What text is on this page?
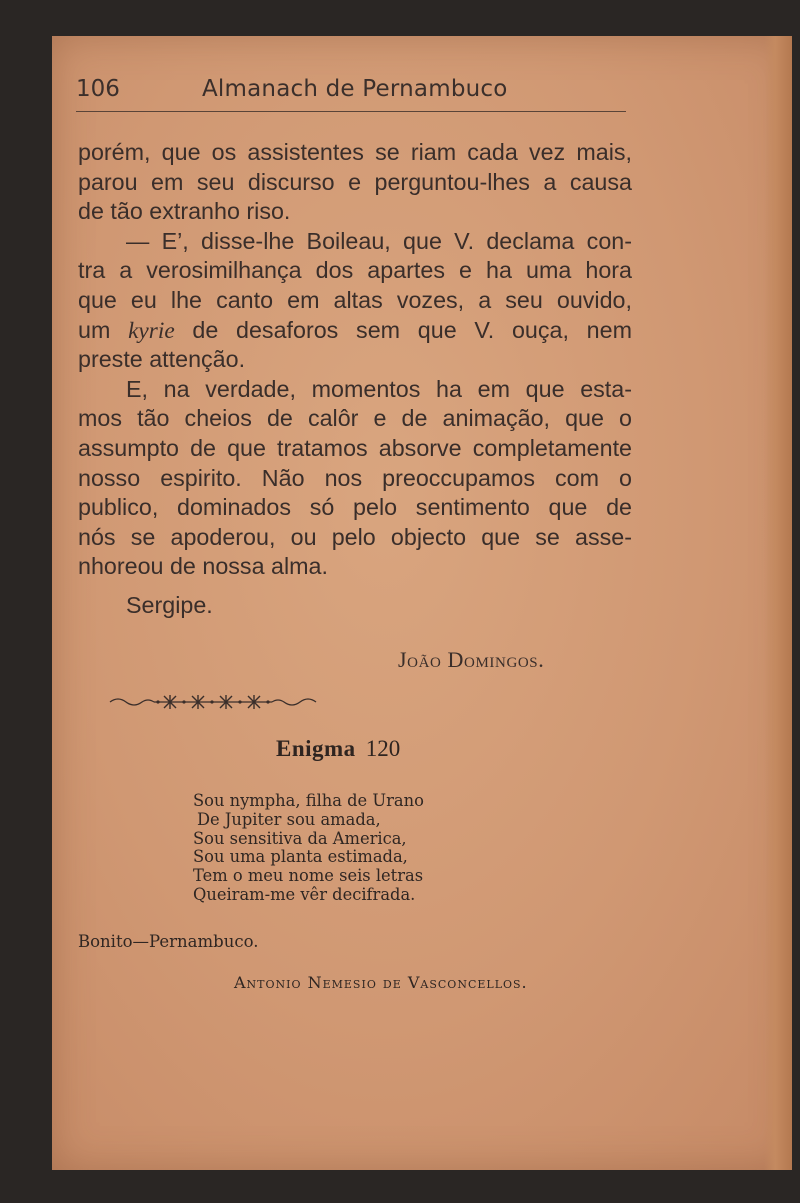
106	Almanach de Pernambuco
porém, que os assistentes se riam cada vez mais,
parou em seu discurso e perguntou-lhes a causa
de tão extranho riso.
— E’, disse-lhe Boileau, que V. declama con-
tra a verosimilhança dos apartes e ha uma hora
que eu lhe canto em altas vozes, a seu ouvido,
um kyrie de desaforos sem que V. ouça, nem
preste attenção.
E, na verdade, momentos ha em que esta-
mos tão cheios de calôr e de animação, que o
assumpto de que tratamos absorve completamente
nosso espirito. Não nos preoccupamos com o
publico, dominados só pelo sentimento que de
nós se apoderou, ou pelo objecto que se asse-
nhoreou de nossa alma.
Sergipe.
João Domingos.
Enigma 120
Sou nympha, filha de Urano
De Jupiter sou amada,
Sou sensitiva da America,
Sou uma planta estimada,
Tem o meu nome seis letras
Queiram-me vêr decifrada.
Bonito—Pernambuco.
Antonio Nemesio de Vasconcellos.
